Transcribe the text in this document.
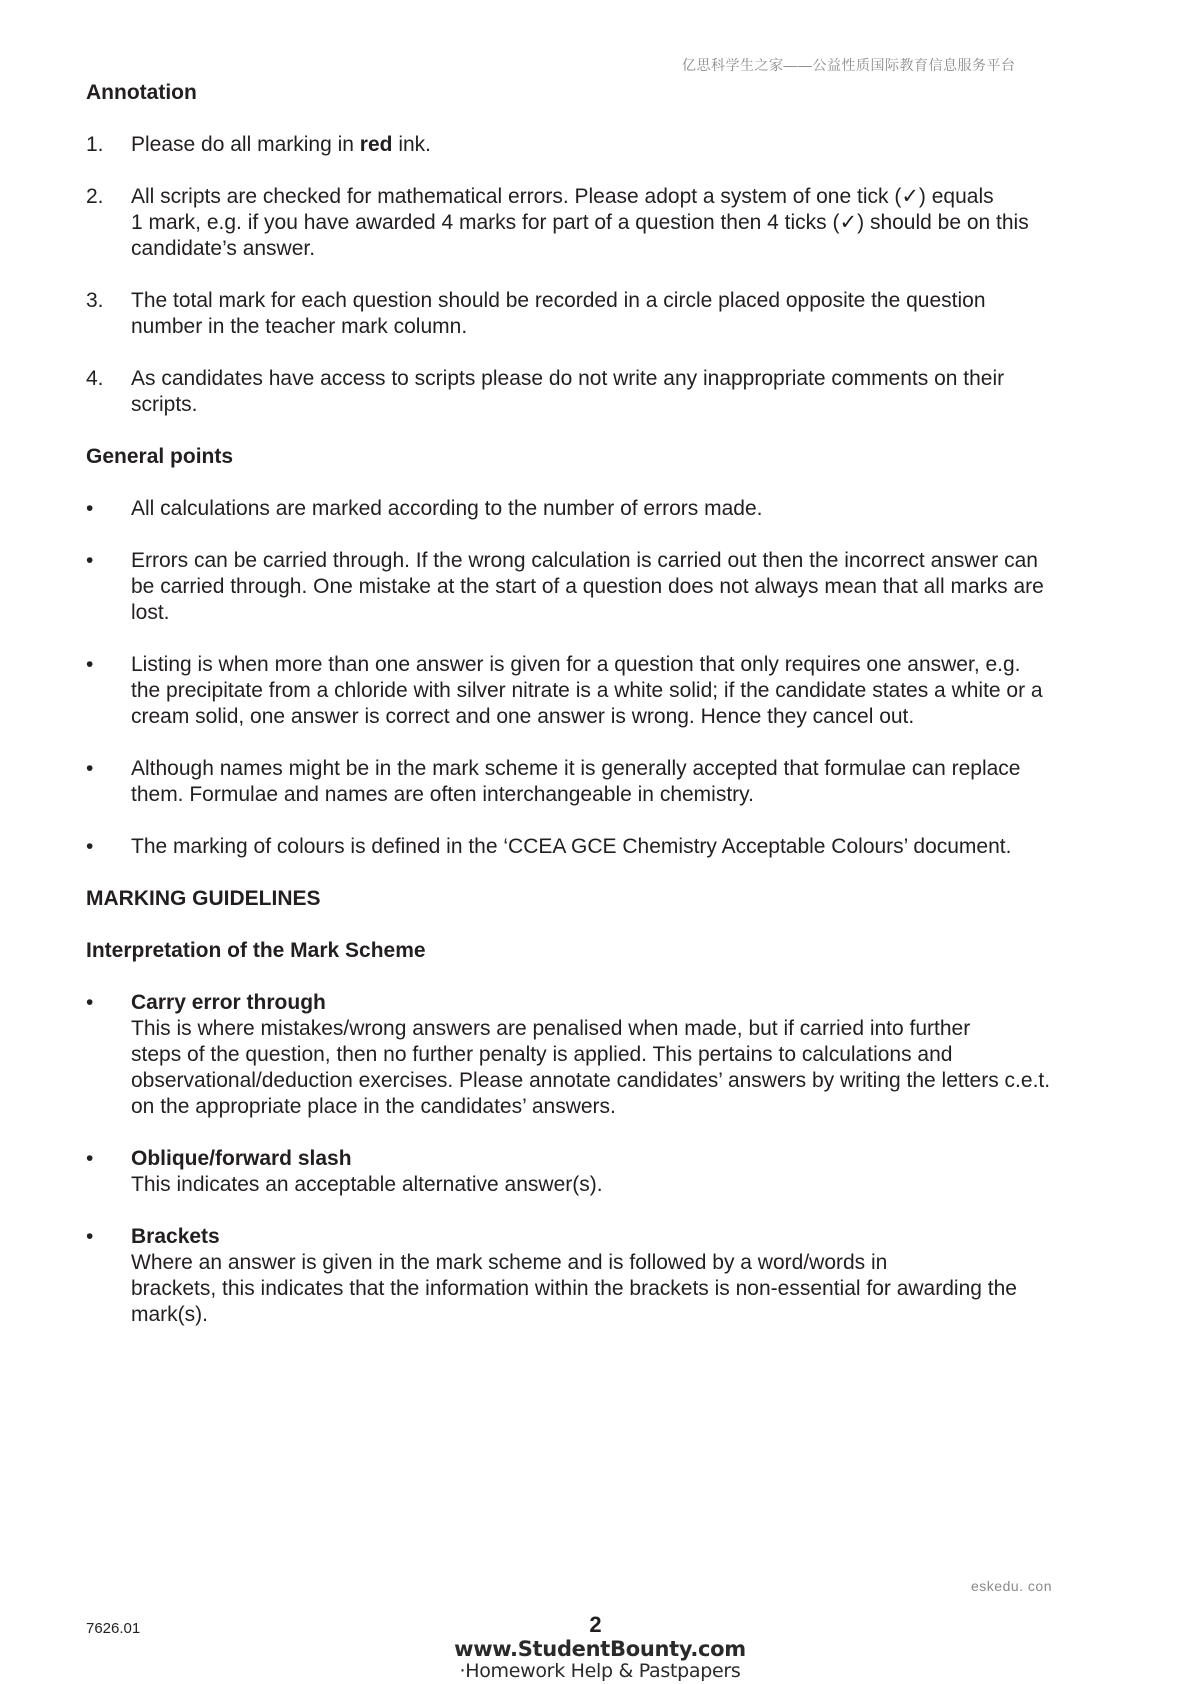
亿思科学生之家——公益性质国际教育信息服务平台
Annotation
1.	Please do all marking in red ink.
2.	All scripts are checked for mathematical errors. Please adopt a system of one tick (✓) equals
1 mark, e.g. if you have awarded 4 marks for part of a question then 4 ticks (✓) should be on this
candidate’s answer.
3.	The total mark for each question should be recorded in a circle placed opposite the question
number in the teacher mark column.
4.	As candidates have access to scripts please do not write any inappropriate comments on their
scripts.
General points
•	All calculations are marked according to the number of errors made.
•	Errors can be carried through. If the wrong calculation is carried out then the incorrect answer can
be carried through. One mistake at the start of a question does not always mean that all marks are
lost.
•	Listing is when more than one answer is given for a question that only requires one answer, e.g.
the precipitate from a chloride with silver nitrate is a white solid; if the candidate states a white or a
cream solid, one answer is correct and one answer is wrong. Hence they cancel out.
•	Although names might be in the mark scheme it is generally accepted that formulae can replace
them. Formulae and names are often interchangeable in chemistry.
•	The marking of colours is defined in the ‘CCEA GCE Chemistry Acceptable Colours’ document.
MARKING GUIDELINES
Interpretation of the Mark Scheme
•	Carry error through
This is where mistakes/wrong answers are penalised when made, but if carried into further
steps of the question, then no further penalty is applied. This pertains to calculations and
observational/deduction exercises. Please annotate candidates’ answers by writing the letters c.e.t.
on the appropriate place in the candidates’ answers.
•	Oblique/forward slash
This indicates an acceptable alternative answer(s).
•	Brackets
Where an answer is given in the mark scheme and is followed by a word/words in
brackets, this indicates that the information within the brackets is non-essential for awarding the
mark(s).
eskedu. con
7626.01	2
www.StudentBounty.com
·Homework Help & Pastpapers
